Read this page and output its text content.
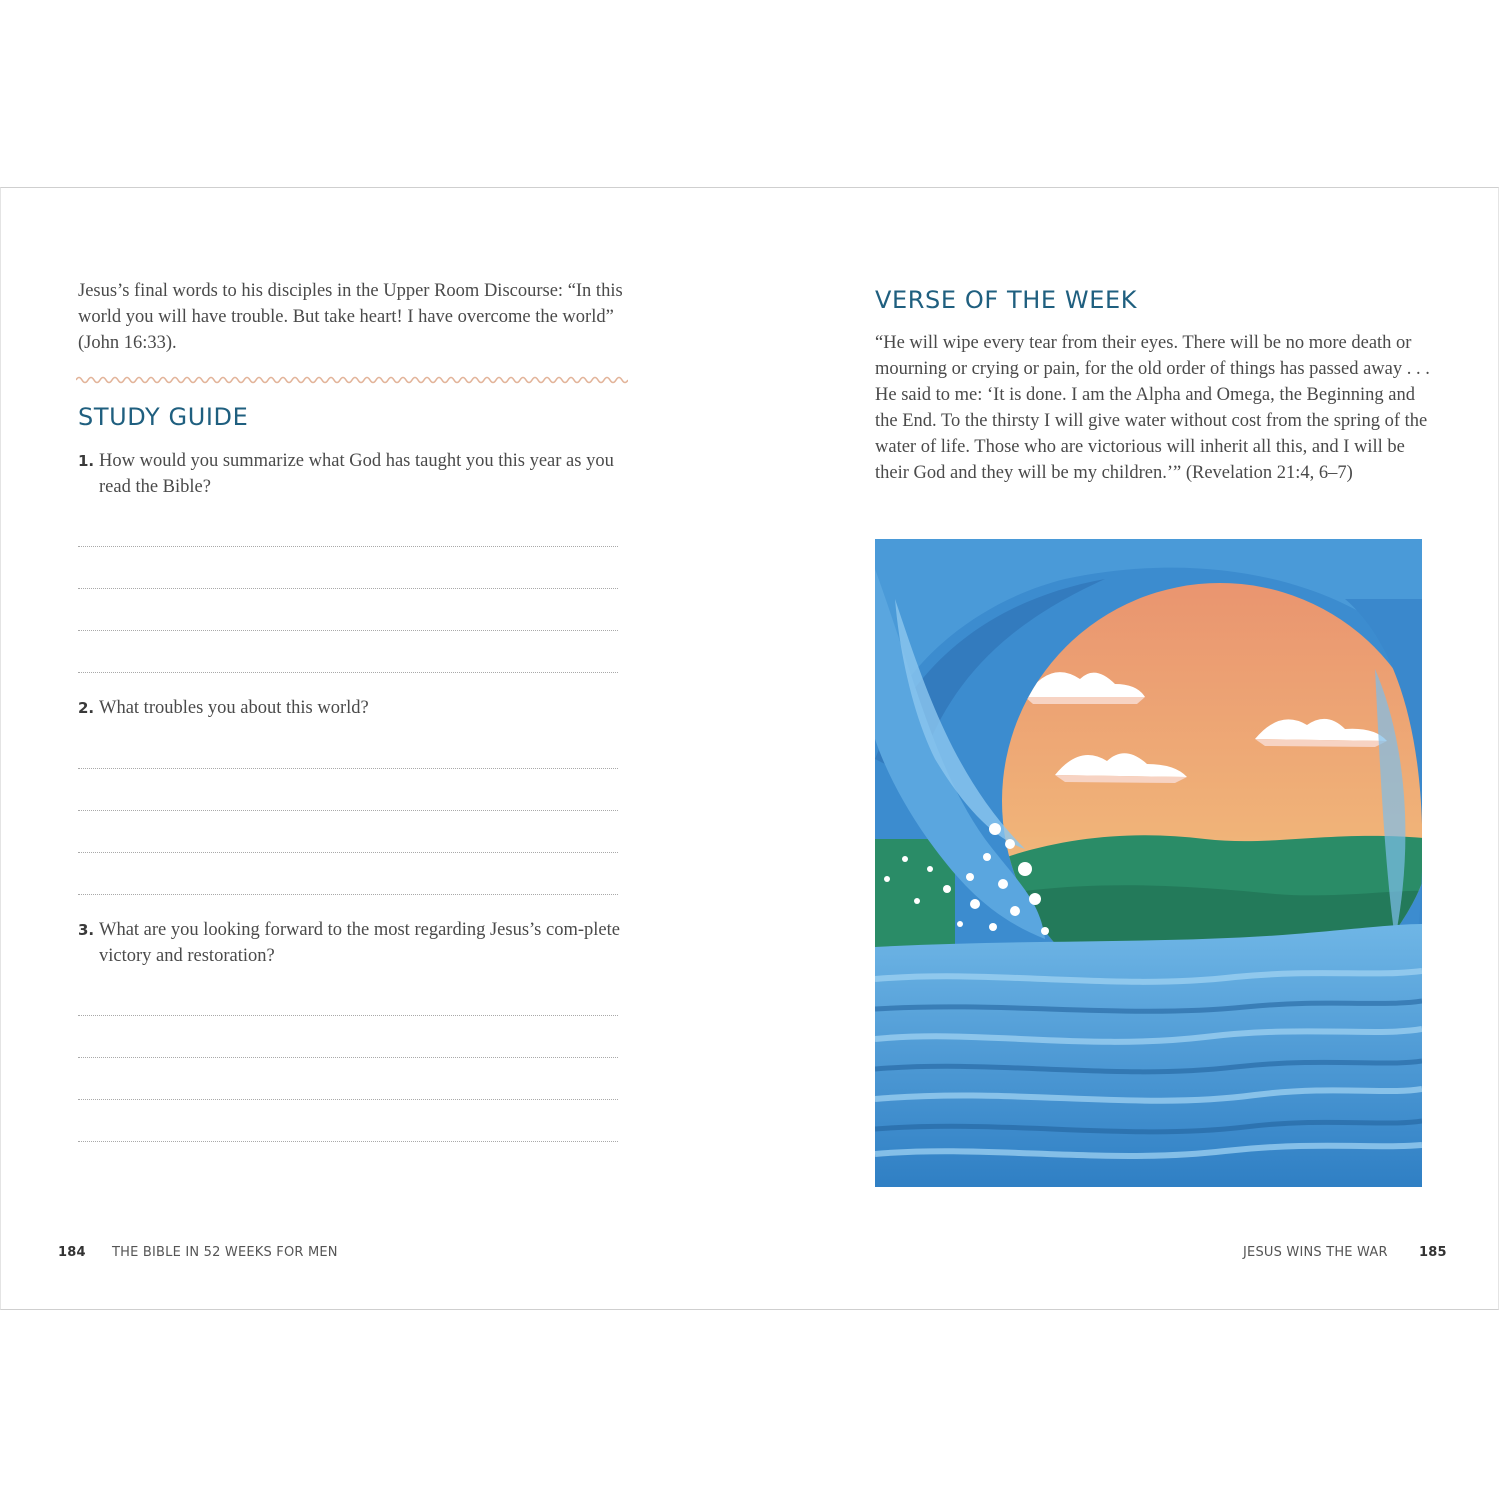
Jesus’s final words to his disciples in the Upper Room Discourse: “In this world you will have trouble. But take heart! I have overcome the world” (John 16:33).

STUDY GUIDE
1. How would you summarize what God has taught you this year as you read the Bible?
2. What troubles you about this world?
3. What are you looking forward to the most regarding Jesus’s com-plete victory and restoration?
184 THE BIBLE IN 52 WEEKS FOR MEN
VERSE OF THE WEEK

“He will wipe every tear from their eyes. There will be no more death or mourning or crying or pain, for the old order of things has passed away . . . He said to me: ‘It is done. I am the Alpha and Omega, the Beginning and the End. To the thirsty I will give water without cost from the spring of the water of life. Those who are victorious will inherit all this, and I will be their God and they will be my children.’” (Revelation 21:4, 6–7)

JESUS WINS THE WAR 185
